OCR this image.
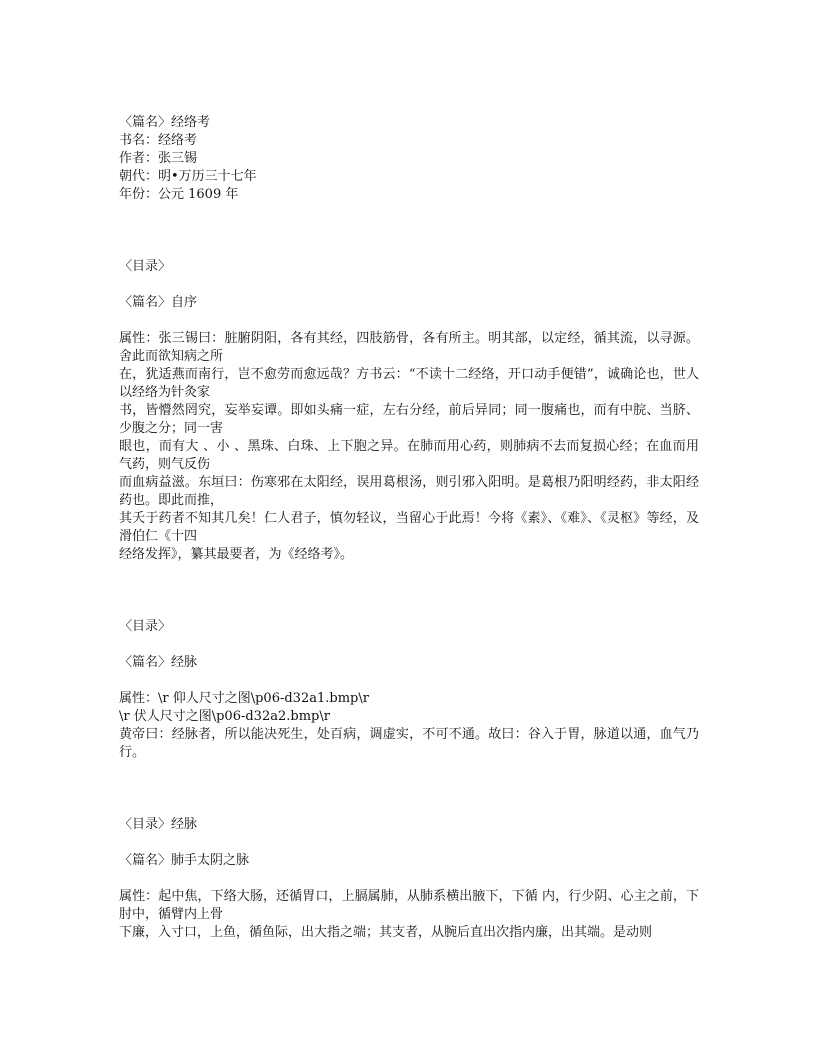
〈篇名〉经络考
书名：经络考
作者：张三锡
朝代：明•万历三十七年
年份：公元 1609 年
〈目录〉
〈篇名〉自序
属性：张三锡曰：脏腑阴阳，各有其经，四肢筋骨，各有所主。明其部，以定经，循其流，以寻源。舍此而欲知病之所
在，犹适燕而南行，岂不愈劳而愈远哉？方书云：“不读十二经络，开口动手便错”，诚确论也，世人以经络为针灸家
书，皆懵然罔究，妄举妄谭。即如头痛一症，左右分经，前后异同；同一腹痛也，而有中脘、当脐、少腹之分；同一害
眼也，而有大 、小 、黑珠、白珠、上下胞之异。在肺而用心药，则肺病不去而复损心经；在血而用气药，则气反伤
而血病益滋。东垣曰：伤寒邪在太阳经，误用葛根汤，则引邪入阳明。是葛根乃阳明经药，非太阳经药也。即此而推，
其夭于药者不知其几矣！仁人君子，慎勿轻议，当留心于此焉！今将《素》、《难》、《灵枢》等经，及滑伯仁《十四
经络发挥》，纂其最要者，为《经络考》。
〈目录〉
〈篇名〉经脉
属性：\r 仰人尺寸之图\p06-d32a1.bmp\r
\r 伏人尺寸之图\p06-d32a2.bmp\r
黄帝曰：经脉者，所以能决死生，处百病，调虚实，不可不通。故曰：谷入于胃，脉道以通，血气乃行。
〈目录〉经脉
〈篇名〉肺手太阴之脉
属性：起中焦，下络大肠，还循胃口，上膈属肺，从肺系横出腋下，下循 内，行少阴、心主之前，下肘中，循臂内上骨
下廉，入寸口，上鱼，循鱼际，出大指之端；其支者，从腕后直出次指内廉，出其端。是动则
